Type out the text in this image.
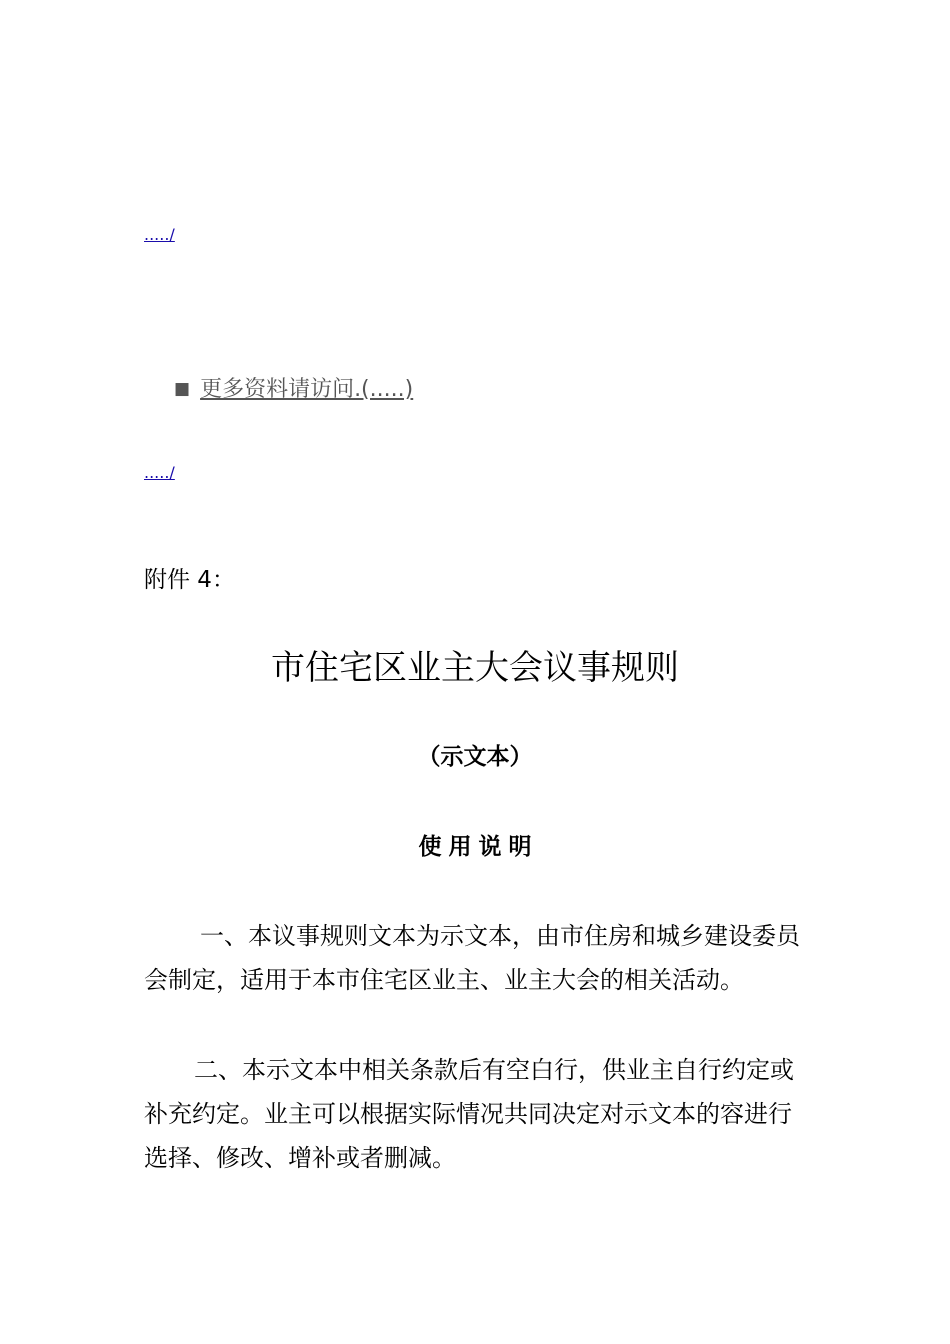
...../
■ 更多资料请访问.(.....)
...../
附件 4：
市住宅区业主大会议事规则
（示文本）
使用说明
一、本议事规则文本为示文本，由市住房和城乡建设委员会制定，适用于本市住宅区业主、业主大会的相关活动。
二、本示文本中相关条款后有空白行，供业主自行约定或补充约定。业主可以根据实际情况共同决定对示文本的容进行选择、修改、增补或者删减。
